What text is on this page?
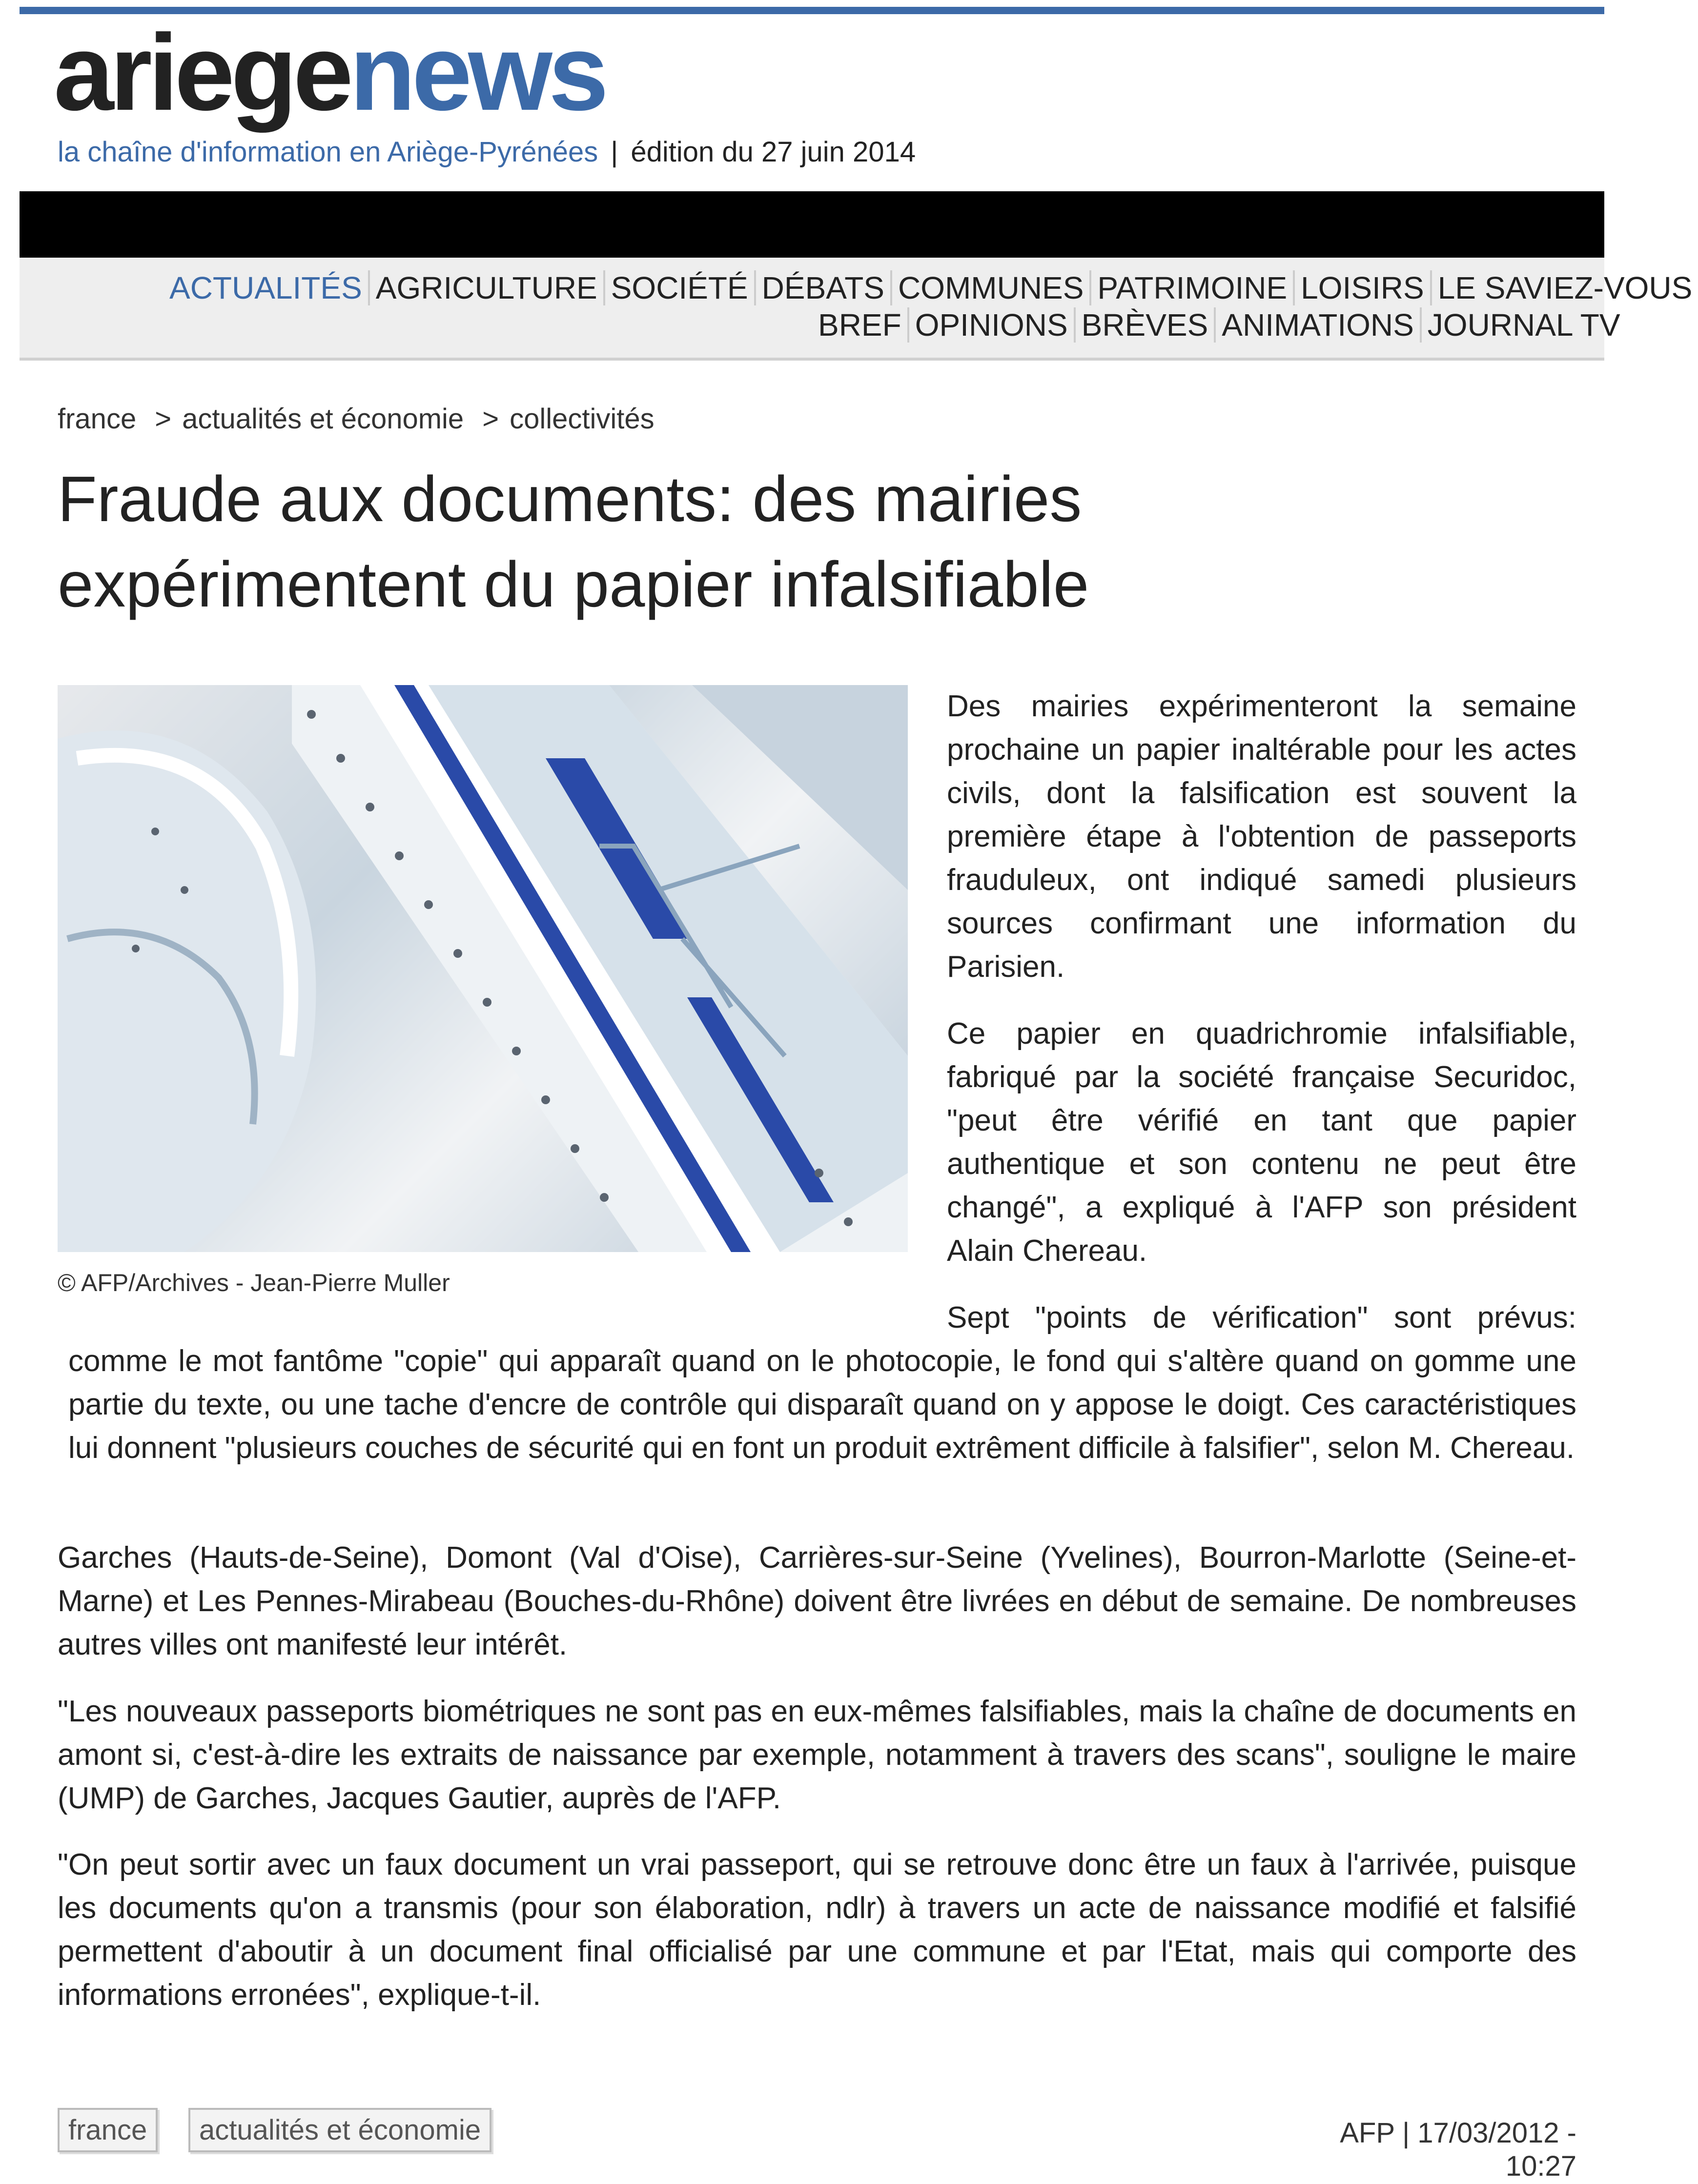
ariegenews
la chaîne d'information en Ariège-Pyrénées | édition du 27 juin 2014
ACTUALITÉS AGRICULTURE SOCIÉTÉ DÉBATS COMMUNES PATRIMOINE LOISIRS LE SAVIEZ-VOUS
BREF OPINIONS BRÈVES ANIMATIONS JOURNAL TV
france > actualités et économie > collectivités
Fraude aux documents: des mairies expérimentent du papier infalsifiable
© AFP/Archives - Jean-Pierre Muller

Des mairies expérimenteront la semaine prochaine un papier inaltérable pour les actes civils, dont la falsification est souvent la première étape à l'obtention de passeports frauduleux, ont indiqué samedi plusieurs sources confirmant une information du Parisien.

Ce papier en quadrichromie infalsifiable, fabriqué par la société française Securidoc, "peut être vérifié en tant que papier authentique et son contenu ne peut être changé", a expliqué à l'AFP son président Alain Chereau.

Sept "points de vérification" sont prévus: comme le mot fantôme "copie" qui apparaît quand on le photocopie, le fond qui s'altère quand on gomme une partie du texte, ou une tache d'encre de contrôle qui disparaît quand on y appose le doigt. Ces caractéristiques lui donnent "plusieurs couches de sécurité qui en font un produit extrêment difficile à falsifier", selon M. Chereau.

Garches (Hauts-de-Seine), Domont (Val d'Oise), Carrières-sur-Seine (Yvelines), Bourron-Marlotte (Seine-et-Marne) et Les Pennes-Mirabeau (Bouches-du-Rhône) doivent être livrées en début de semaine. De nombreuses autres villes ont manifesté leur intérêt.

"Les nouveaux passeports biométriques ne sont pas en eux-mêmes falsifiables, mais la chaîne de documents en amont si, c'est-à-dire les extraits de naissance par exemple, notamment à travers des scans", souligne le maire (UMP) de Garches, Jacques Gautier, auprès de l'AFP.

"On peut sortir avec un faux document un vrai passeport, qui se retrouve donc être un faux à l'arrivée, puisque les documents qu'on a transmis (pour son élaboration, ndlr) à travers un acte de naissance modifié et falsifié permettent d'aboutir à un document final officialisé par une commune et par l'Etat, mais qui comporte des informations erronées", explique-t-il.

france	actualités et économie	AFP | 17/03/2012 - 10:27
